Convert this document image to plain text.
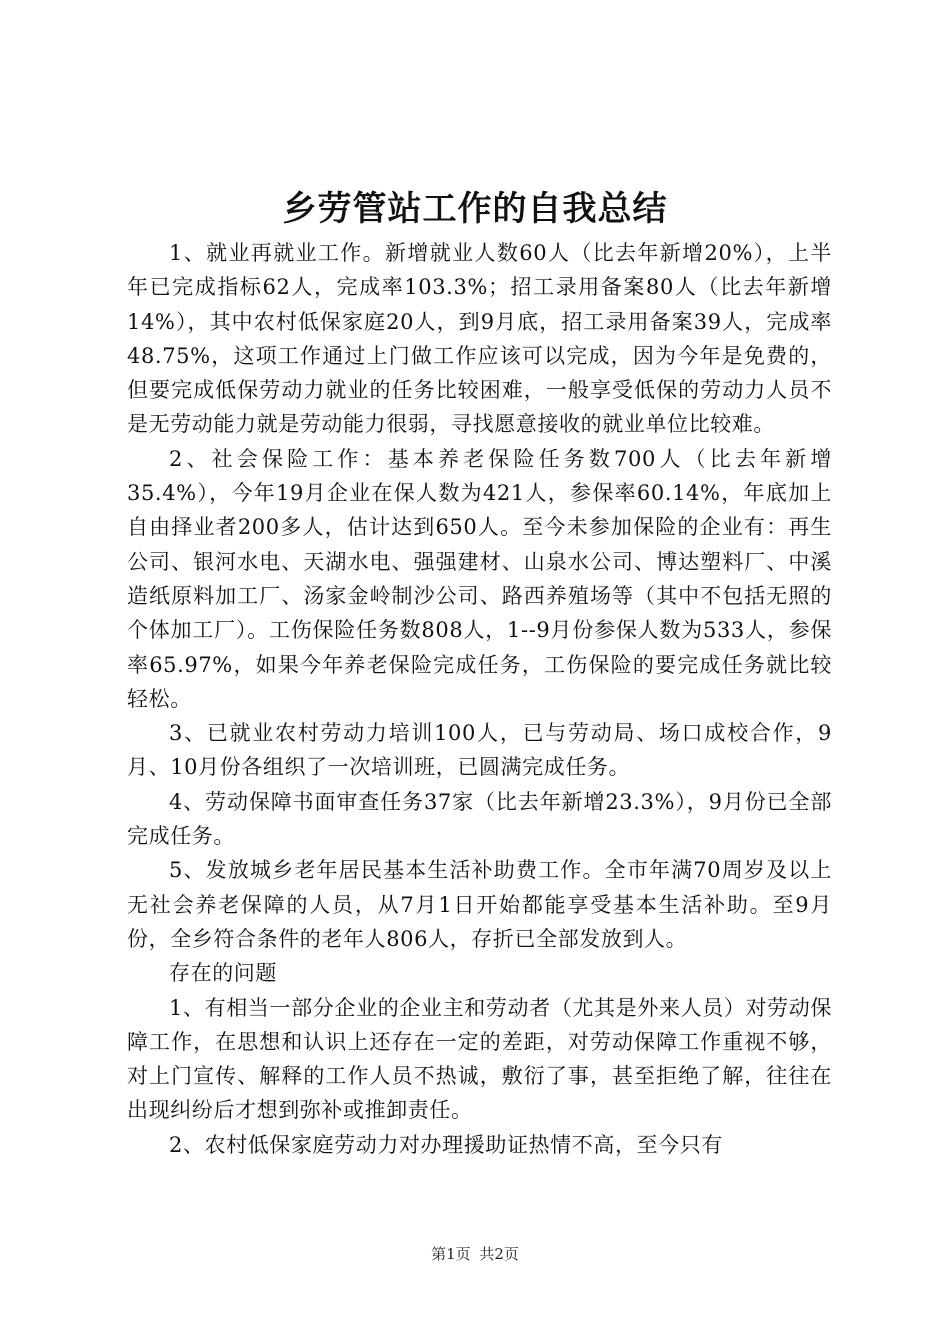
乡劳管站工作的自我总结

1、就业再就业工作。新增就业人数60人（比去年新增20%），上半年已完成指标62人，完成率103.3%；招工录用备案80人（比去年新增14%），其中农村低保家庭20人，到9月底，招工录用备案39人，完成率48.75%，这项工作通过上门做工作应该可以完成，因为今年是免费的，但要完成低保劳动力就业的任务比较困难，一般享受低保的劳动力人员不是无劳动能力就是劳动能力很弱，寻找愿意接收的就业单位比较难。

2、社会保险工作：基本养老保险任务数700人（比去年新增35.4%），今年19月企业在保人数为421人，参保率60.14%，年底加上自由择业者200多人，估计达到650人。至今未参加保险的企业有：再生公司、银河水电、天湖水电、强强建材、山泉水公司、博达塑料厂、中溪造纸原料加工厂、汤家金岭制沙公司、路西养殖场等（其中不包括无照的个体加工厂）。工伤保险任务数808人，1--9月份参保人数为533人，参保率65.97%，如果今年养老保险完成任务，工伤保险的要完成任务就比较轻松。

3、已就业农村劳动力培训100人，已与劳动局、场口成校合作，9月、10月份各组织了一次培训班，已圆满完成任务。

4、劳动保障书面审查任务37家（比去年新增23.3%），9月份已全部完成任务。

5、发放城乡老年居民基本生活补助费工作。全市年满70周岁及以上无社会养老保障的人员，从7月1日开始都能享受基本生活补助。至9月份，全乡符合条件的老年人806人，存折已全部发放到人。

存在的问题

1、有相当一部分企业的企业主和劳动者（尤其是外来人员）对劳动保障工作，在思想和认识上还存在一定的差距，对劳动保障工作重视不够，对上门宣传、解释的工作人员不热诚，敷衍了事，甚至拒绝了解，往往在出现纠纷后才想到弥补或推卸责任。

2、农村低保家庭劳动力对办理援助证热情不高，至今只有

第1页 共2页
